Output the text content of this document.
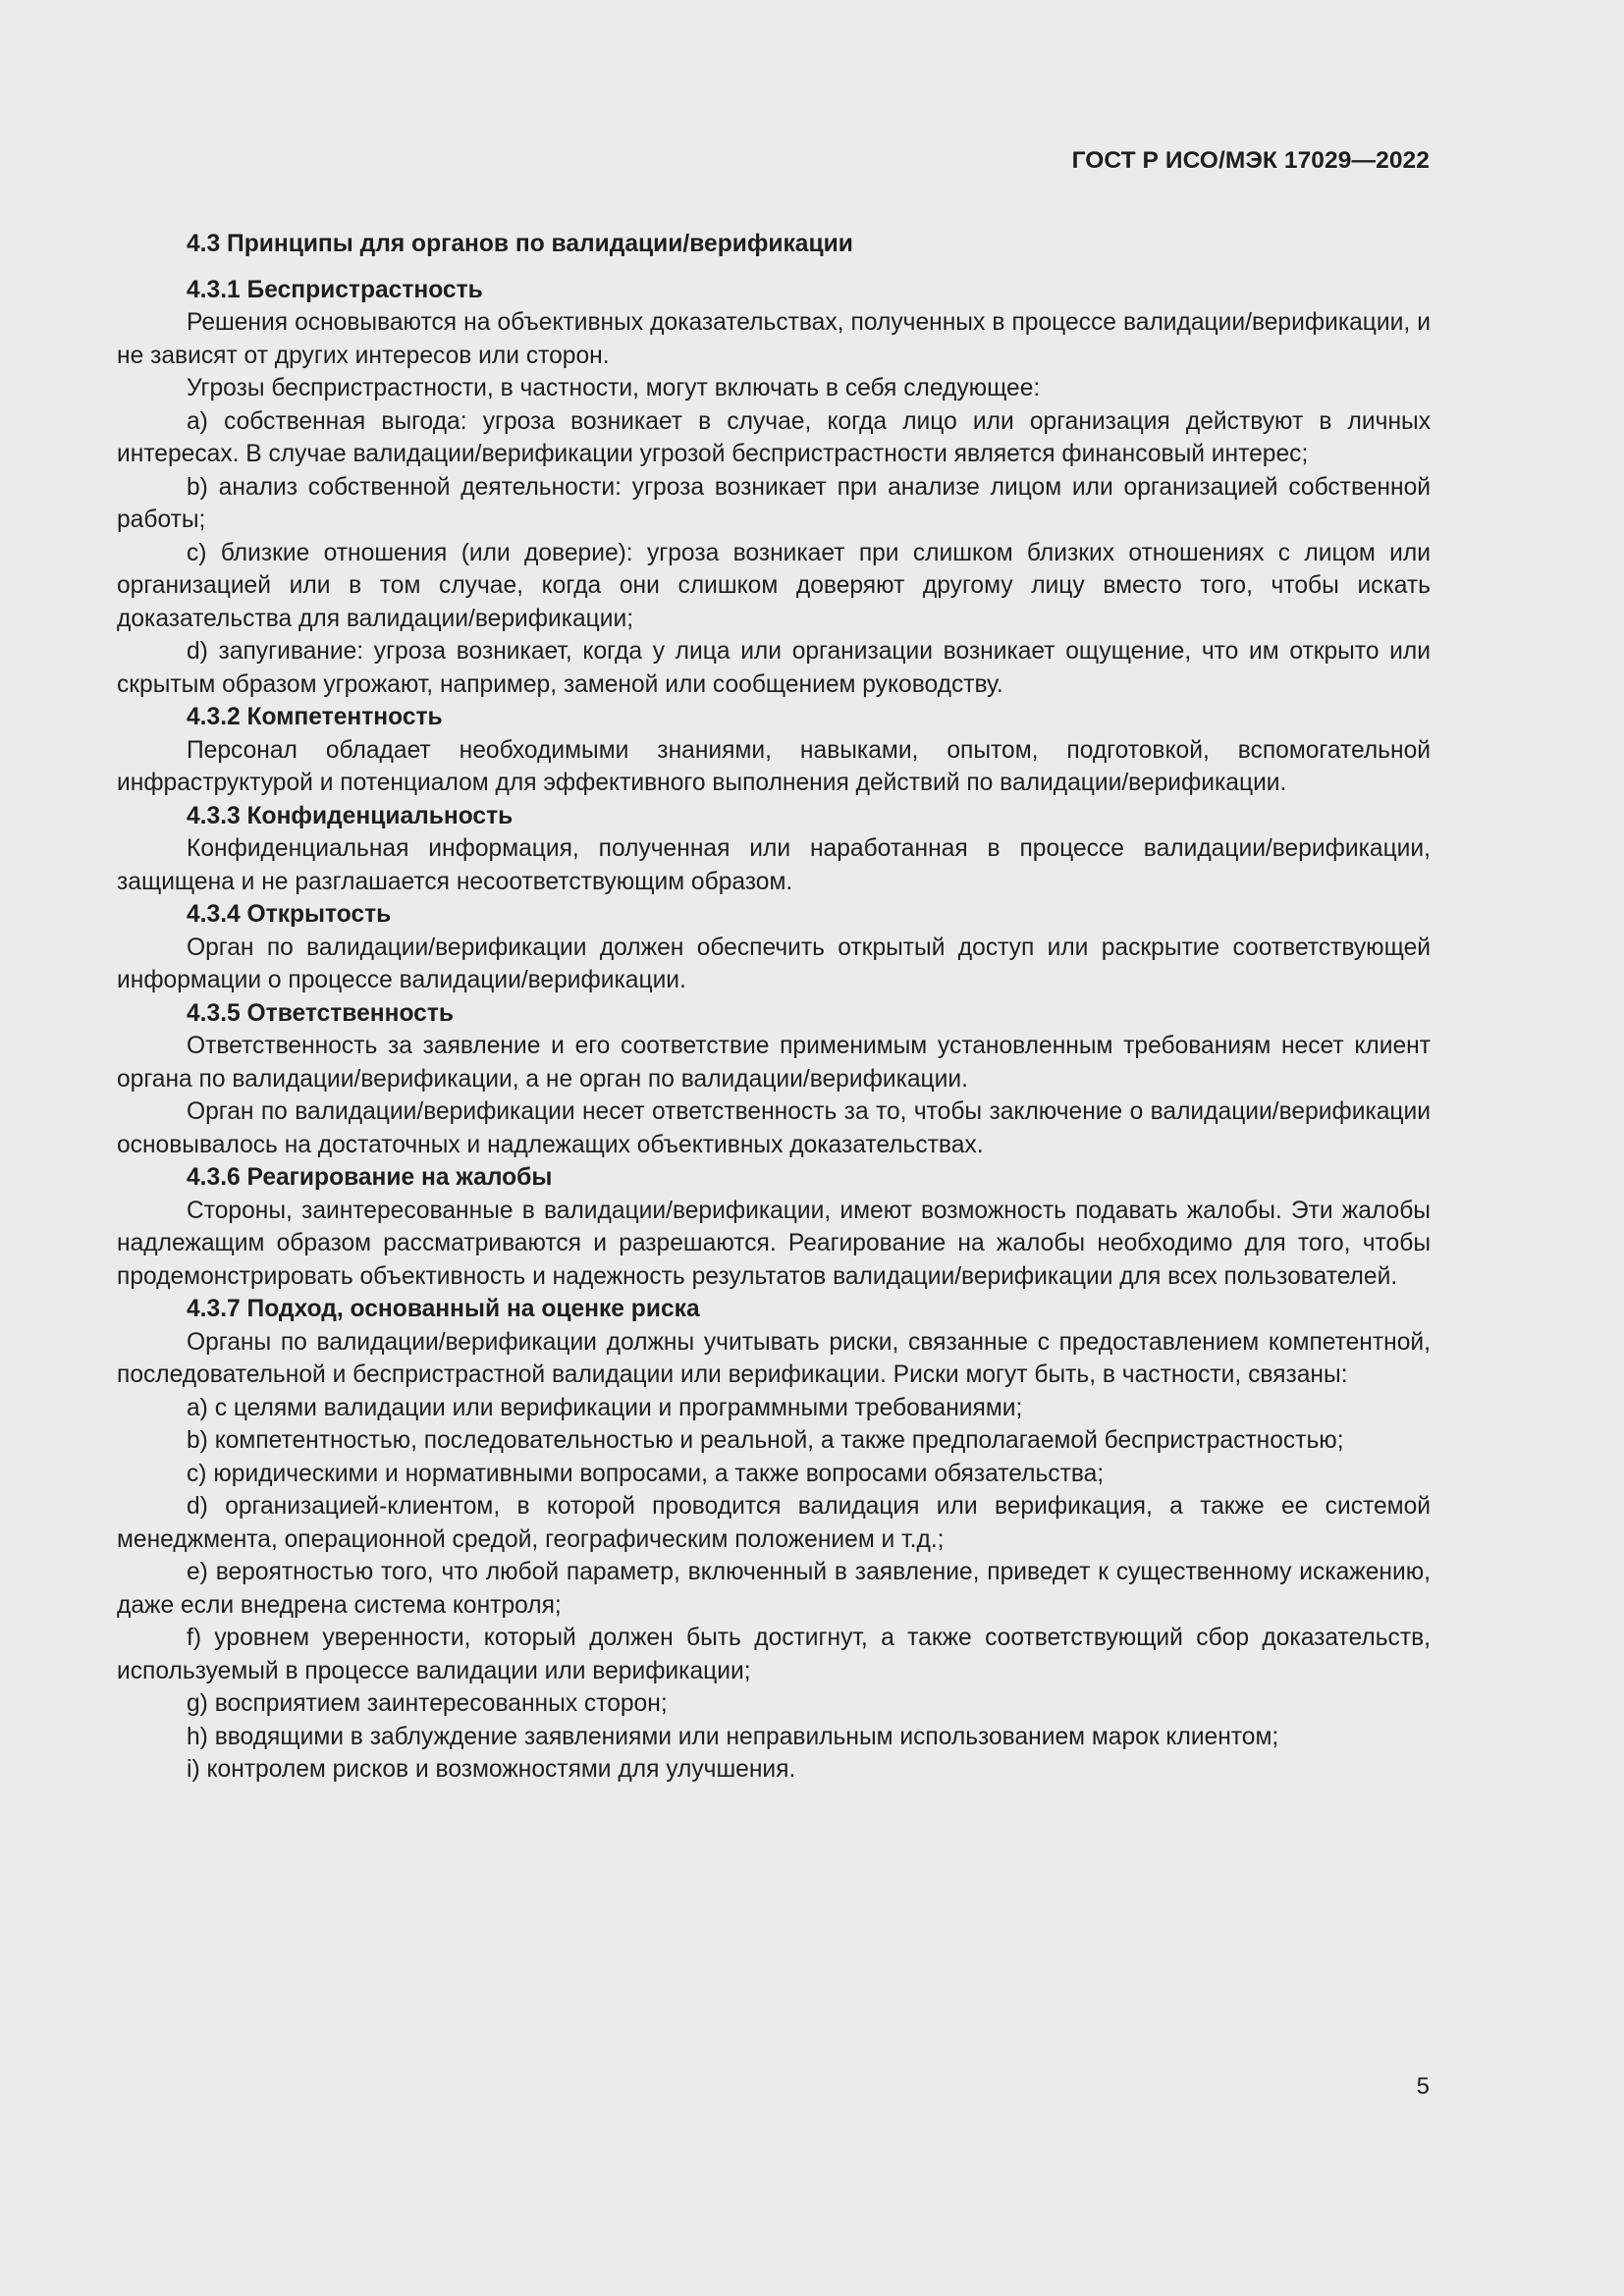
ГОСТ Р ИСО/МЭК 17029—2022
4.3 Принципы для органов по валидации/верификации
4.3.1 Беспристрастность

Решения основываются на объективных доказательствах, полученных в процессе валидации/верификации, и не зависят от других интересов или сторон.

Угрозы беспристрастности, в частности, могут включать в себя следующее:

a) собственная выгода: угроза возникает в случае, когда лицо или организация действуют в личных интересах. В случае валидации/верификации угрозой беспристрастности является финансовый интерес;

b) анализ собственной деятельности: угроза возникает при анализе лицом или организацией собственной работы;

c) близкие отношения (или доверие): угроза возникает при слишком близких отношениях с лицом или организацией или в том случае, когда они слишком доверяют другому лицу вместо того, чтобы искать доказательства для валидации/верификации;

d) запугивание: угроза возникает, когда у лица или организации возникает ощущение, что им открыто или скрытым образом угрожают, например, заменой или сообщением руководству.

4.3.2 Компетентность

Персонал обладает необходимыми знаниями, навыками, опытом, подготовкой, вспомогательной инфраструктурой и потенциалом для эффективного выполнения действий по валидации/верификации.

4.3.3 Конфиденциальность

Конфиденциальная информация, полученная или наработанная в процессе валидации/верификации, защищена и не разглашается несоответствующим образом.

4.3.4 Открытость

Орган по валидации/верификации должен обеспечить открытый доступ или раскрытие соответствующей информации о процессе валидации/верификации.

4.3.5 Ответственность

Ответственность за заявление и его соответствие применимым установленным требованиям несет клиент органа по валидации/верификации, а не орган по валидации/верификации.

Орган по валидации/верификации несет ответственность за то, чтобы заключение о валидации/верификации основывалось на достаточных и надлежащих объективных доказательствах.

4.3.6 Реагирование на жалобы

Стороны, заинтересованные в валидации/верификации, имеют возможность подавать жалобы. Эти жалобы надлежащим образом рассматриваются и разрешаются. Реагирование на жалобы необходимо для того, чтобы продемонстрировать объективность и надежность результатов валидации/верификации для всех пользователей.

4.3.7 Подход, основанный на оценке риска

Органы по валидации/верификации должны учитывать риски, связанные с предоставлением компетентной, последовательной и беспристрастной валидации или верификации. Риски могут быть, в частности, связаны:

a) с целями валидации или верификации и программными требованиями;

b) компетентностью, последовательностью и реальной, а также предполагаемой беспристрастностью;

c) юридическими и нормативными вопросами, а также вопросами обязательства;

d) организацией-клиентом, в которой проводится валидация или верификация, а также ее системой менеджмента, операционной средой, географическим положением и т.д.;

e) вероятностью того, что любой параметр, включенный в заявление, приведет к существенному искажению, даже если внедрена система контроля;

f) уровнем уверенности, который должен быть достигнут, а также соответствующий сбор доказательств, используемый в процессе валидации или верификации;

g) восприятием заинтересованных сторон;

h) вводящими в заблуждение заявлениями или неправильным использованием марок клиентом;

i) контролем рисков и возможностями для улучшения.

5
